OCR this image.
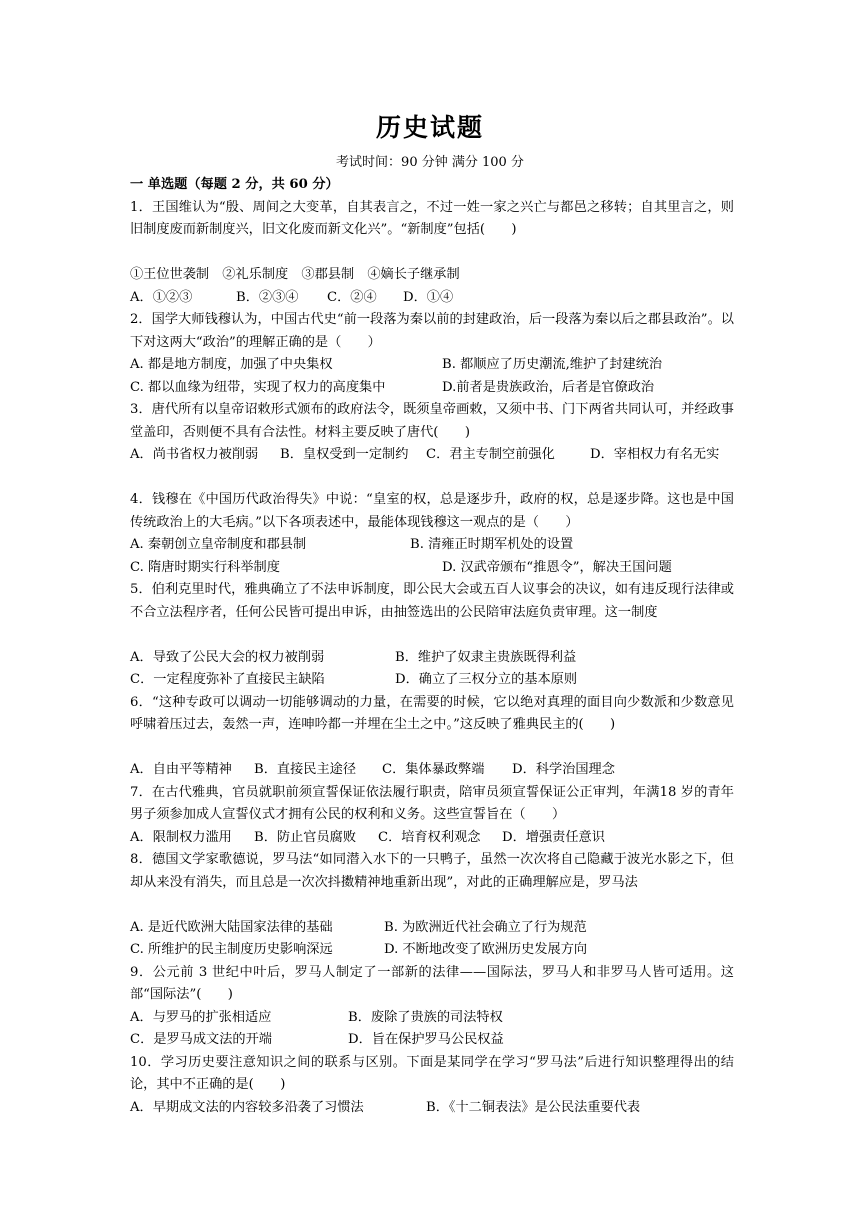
历史试题
考试时间：90 分钟 满分 100 分
一 单选题（每题 2 分，共 60 分）
1．王国维认为“殷、周间之大变革，自其表言之，不过一姓一家之兴亡与都邑之移转；自其里言之，则旧制度废而新制度兴，旧文化废而新文化兴”。“新制度”包括(　　)
①王位世袭制　②礼乐制度　③郡县制　④嫡长子继承制
A．①②③	B．②③④	C．②④	D．①④
2．国学大师钱穆认为，中国古代史“前一段落为秦以前的封建政治，后一段落为秦以后之郡县政治”。以下对这两大“政治”的理解正确的是（　　）
A. 都是地方制度，加强了中央集权	B. 都顺应了历史潮流,维护了封建统治
C. 都以血缘为纽带，实现了权力的高度集中	D.前者是贵族政治，后者是官僚政治
3．唐代所有以皇帝诏敕形式颁布的政府法令，既须皇帝画敕，又须中书、门下两省共同认可，并经政事堂盖印，否则便不具有合法性。材料主要反映了唐代(　　)
A．尚书省权力被削弱	B．皇权受到一定制约	C．君主专制空前强化	D．宰相权力有名无实
4．钱穆在《中国历代政治得失》中说：“皇室的权，总是逐步升，政府的权，总是逐步降。这也是中国传统政治上的大毛病。”以下各项表述中，最能体现钱穆这一观点的是（　　）
A. 秦朝创立皇帝制度和郡县制	B. 清雍正时期军机处的设置
C. 隋唐时期实行科举制度	D. 汉武帝颁布“推恩令”，解决王国问题
5．伯利克里时代，雅典确立了不法申诉制度，即公民大会或五百人议事会的决议，如有违反现行法律或不合立法程序者，任何公民皆可提出申诉，由抽签选出的公民陪审法庭负责审理。这一制度
A．导致了公民大会的权力被削弱	B．维护了奴隶主贵族既得利益
C．一定程度弥补了直接民主缺陷	D．确立了三权分立的基本原则
6．“这种专政可以调动一切能够调动的力量，在需要的时候，它以绝对真理的面目向少数派和少数意见呼啸着压过去，轰然一声，连呻吟都一并埋在尘土之中。”这反映了雅典民主的(　　)
A．自由平等精神	B．直接民主途径	C．集体暴政弊端	D．科学治国理念
7．在古代雅典，官员就职前须宣誓保证依法履行职责，陪审员须宣誓保证公正审判，年满18 岁的青年男子须参加成人宣誓仪式才拥有公民的权利和义务。这些宣誓旨在（　　）
A．限制权力滥用	B．防止官员腐败	C．培育权利观念	D．增强责任意识
8．德国文学家歌德说，罗马法“如同潜入水下的一只鸭子，虽然一次次将自己隐藏于波光水影之下，但却从来没有消失，而且总是一次次抖擞精神地重新出现”，对此的正确理解应是，罗马法
A. 是近代欧洲大陆国家法律的基础	B. 为欧洲近代社会确立了行为规范
C. 所维护的民主制度历史影响深远	D. 不断地改变了欧洲历史发展方向
9．公元前 3 世纪中叶后，罗马人制定了一部新的法律——国际法，罗马人和非罗马人皆可适用。这部“国际法”(　　)
A．与罗马的扩张相适应	B．废除了贵族的司法特权
C．是罗马成文法的开端	D．旨在保护罗马公民权益
10．学习历史要注意知识之间的联系与区别。下面是某同学在学习“罗马法”后进行知识整理得出的结论，其中不正确的是(　　)
A．早期成文法的内容较多沿袭了习惯法	B．《十二铜表法》是公民法重要代表
